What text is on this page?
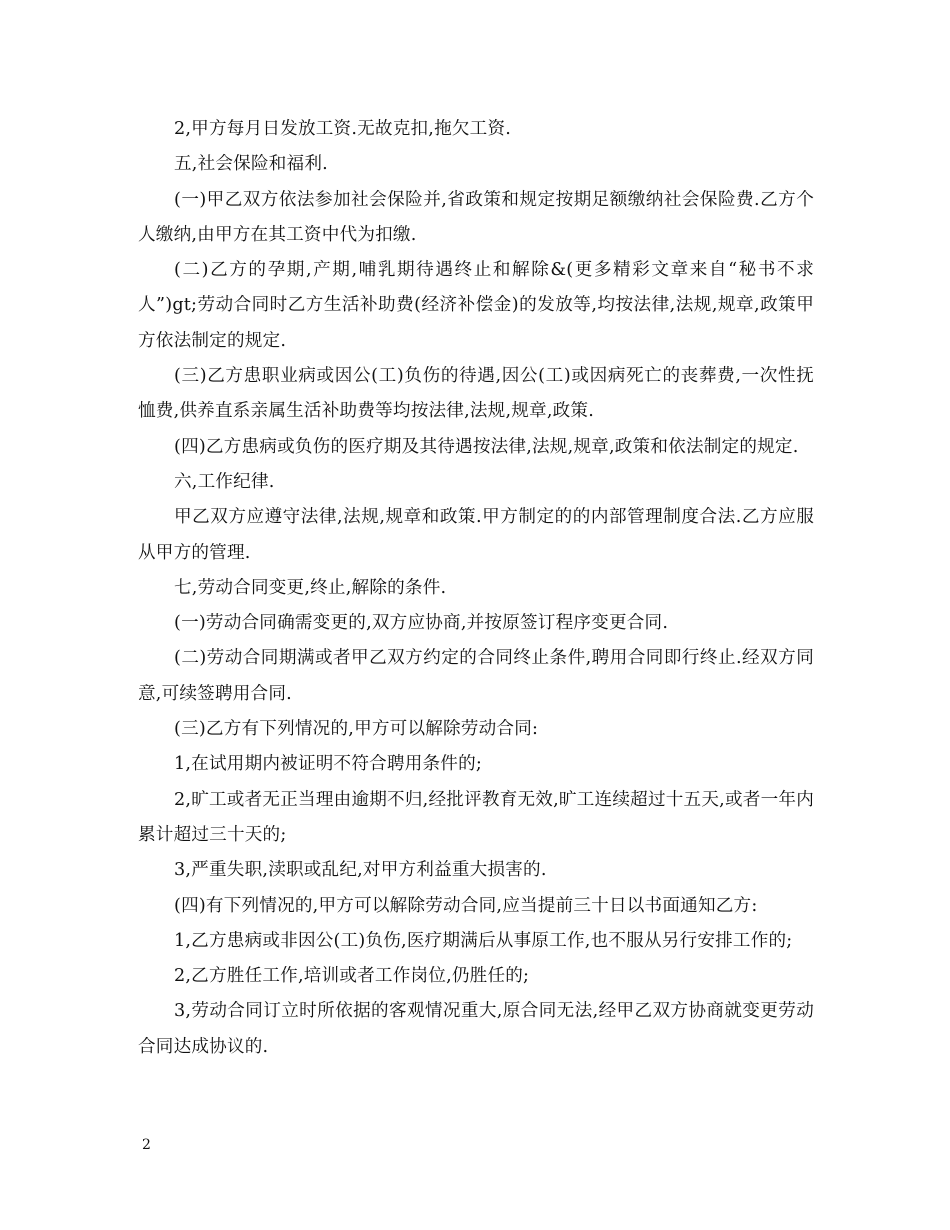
2,甲方每月日发放工资.无故克扣,拖欠工资.

五,社会保险和福利.

(一)甲乙双方依法参加社会保险并,省政策和规定按期足额缴纳社会保险费.乙方个人缴纳,由甲方在其工资中代为扣缴.

(二)乙方的孕期,产期,哺乳期待遇终止和解除&(更多精彩文章来自“秘书不求人”)gt;劳动合同时乙方生活补助费(经济补偿金)的发放等,均按法律,法规,规章,政策甲方依法制定的规定.

(三)乙方患职业病或因公(工)负伤的待遇,因公(工)或因病死亡的丧葬费,一次性抚恤费,供养直系亲属生活补助费等均按法律,法规,规章,政策.

(四)乙方患病或负伤的医疗期及其待遇按法律,法规,规章,政策和依法制定的规定.

六,工作纪律.

甲乙双方应遵守法律,法规,规章和政策.甲方制定的的内部管理制度合法.乙方应服从甲方的管理.

七,劳动合同变更,终止,解除的条件.

(一)劳动合同确需变更的,双方应协商,并按原签订程序变更合同.

(二)劳动合同期满或者甲乙双方约定的合同终止条件,聘用合同即行终止.经双方同意,可续签聘用合同.

(三)乙方有下列情况的,甲方可以解除劳动合同:

1,在试用期内被证明不符合聘用条件的;

2,旷工或者无正当理由逾期不归,经批评教育无效,旷工连续超过十五天,或者一年内累计超过三十天的;

3,严重失职,渎职或乱纪,对甲方利益重大损害的.

(四)有下列情况的,甲方可以解除劳动合同,应当提前三十日以书面通知乙方:

1,乙方患病或非因公(工)负伤,医疗期满后从事原工作,也不服从另行安排工作的;

2,乙方胜任工作,培训或者工作岗位,仍胜任的;

3,劳动合同订立时所依据的客观情况重大,原合同无法,经甲乙双方协商就变更劳动合同达成协议的.

2
